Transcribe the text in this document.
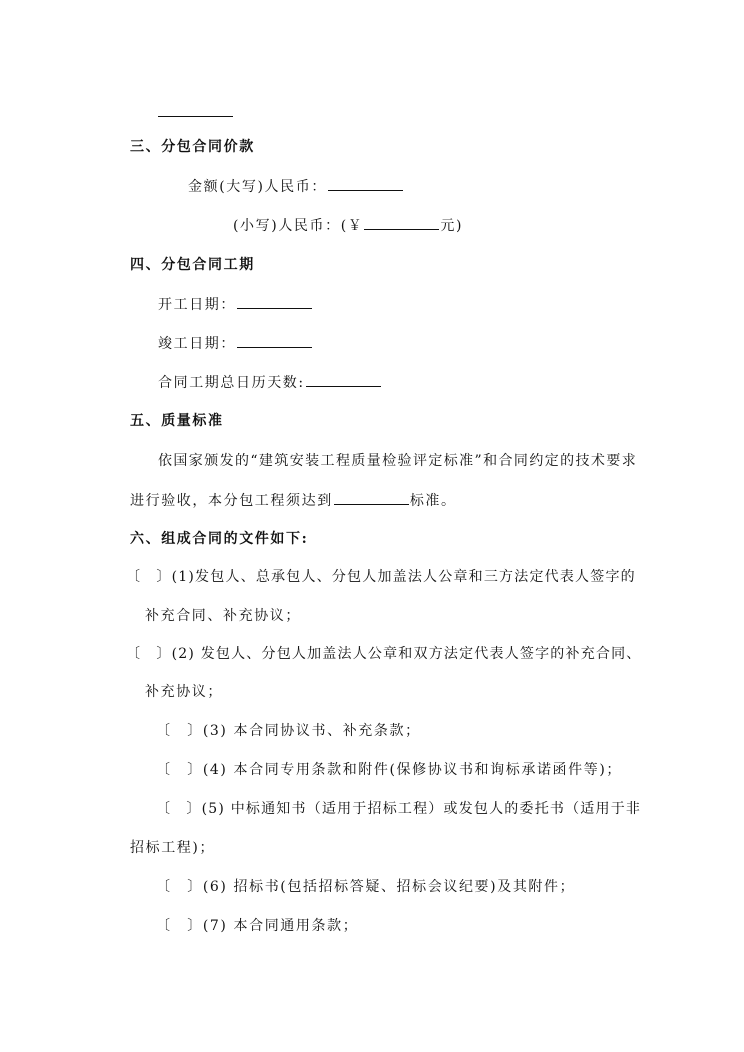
三、分包合同价款
金额(大写)人民币：
(小写)人民币：(￥	元)
四、分包合同工期
开工日期：
竣工日期：
合同工期总日历天数:
五、质量标准
依国家颁发的“建筑安装工程质量检验评定标准”和合同约定的技术要求
进行验收，本分包工程须达到	标准。
六、组成合同的文件如下:
〔　〕(1)发包人、总承包人、分包人加盖法人公章和三方法定代表人签字的
补充合同、补充协议；
〔　〕(2) 发包人、分包人加盖法人公章和双方法定代表人签字的补充合同、
补充协议；
〔　〕(3) 本合同协议书、补充条款；
〔　〕(4) 本合同专用条款和附件(保修协议书和询标承诺函件等)；
〔　〕(5) 中标通知书（适用于招标工程）或发包人的委托书（适用于非
招标工程)；
〔　〕(6) 招标书(包括招标答疑、招标会议纪要)及其附件；
〔　〕(7) 本合同通用条款；
